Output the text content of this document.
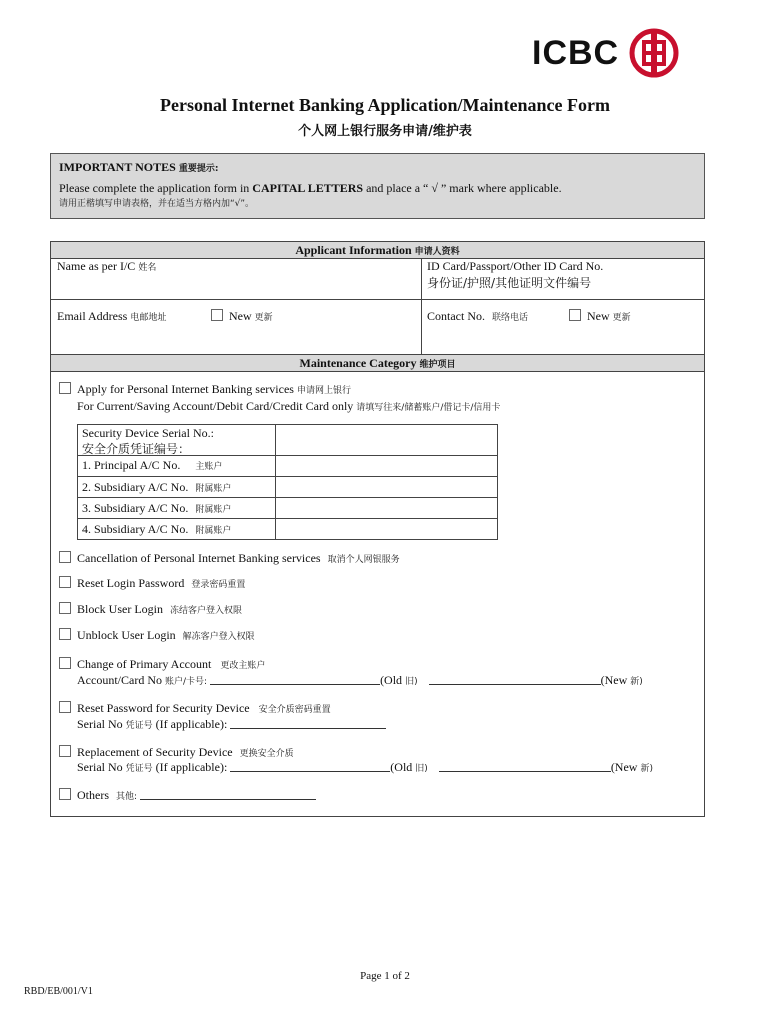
ICBC
Personal Internet Banking Application/Maintenance Form
个人网上银行服务申请/维护表
IMPORTANT NOTES 重要提示:
Please complete the application form in CAPITAL LETTERS and place a “ √ ” mark where applicable.
请用正楷填写申请表格，并在适当方格内加“√”。
Applicant Information 申请人资料
Name as per I/C 姓名	ID Card/Passport/Other ID Card No.
身份证/护照/其他证明文件编号
Email Address 电邮地址	New 更新	Contact No. 联络电话	New 更新
Maintenance Category 维护项目
Apply for Personal Internet Banking services 申请网上银行
For Current/Saving Account/Debit Card/Credit Card only 请填写往来/储蓄账户/借记卡/信用卡
Security Device Serial No.:
安全介质凭证编号：
1. Principal A/C No. 主账户
2. Subsidiary A/C No. 附属账户
3. Subsidiary A/C No. 附属账户
4. Subsidiary A/C No. 附属账户
Cancellation of Personal Internet Banking services 取消个人网银服务
Reset Login Password 登录密码重置
Block User Login 冻结客户登入权限
Unblock User Login 解冻客户登入权限
Change of Primary Account 更改主账户
Account/Card No 账户/卡号:	(Old 旧)	(New 新)
Reset Password for Security Device 安全介质密码重置
Serial No 凭证号 (If applicable):
Replacement of Security Device 更换安全介质
Serial No 凭证号 (If applicable):	(Old 旧)	(New 新)
Others 其他:
Page 1 of 2
RBD/EB/001/V1
